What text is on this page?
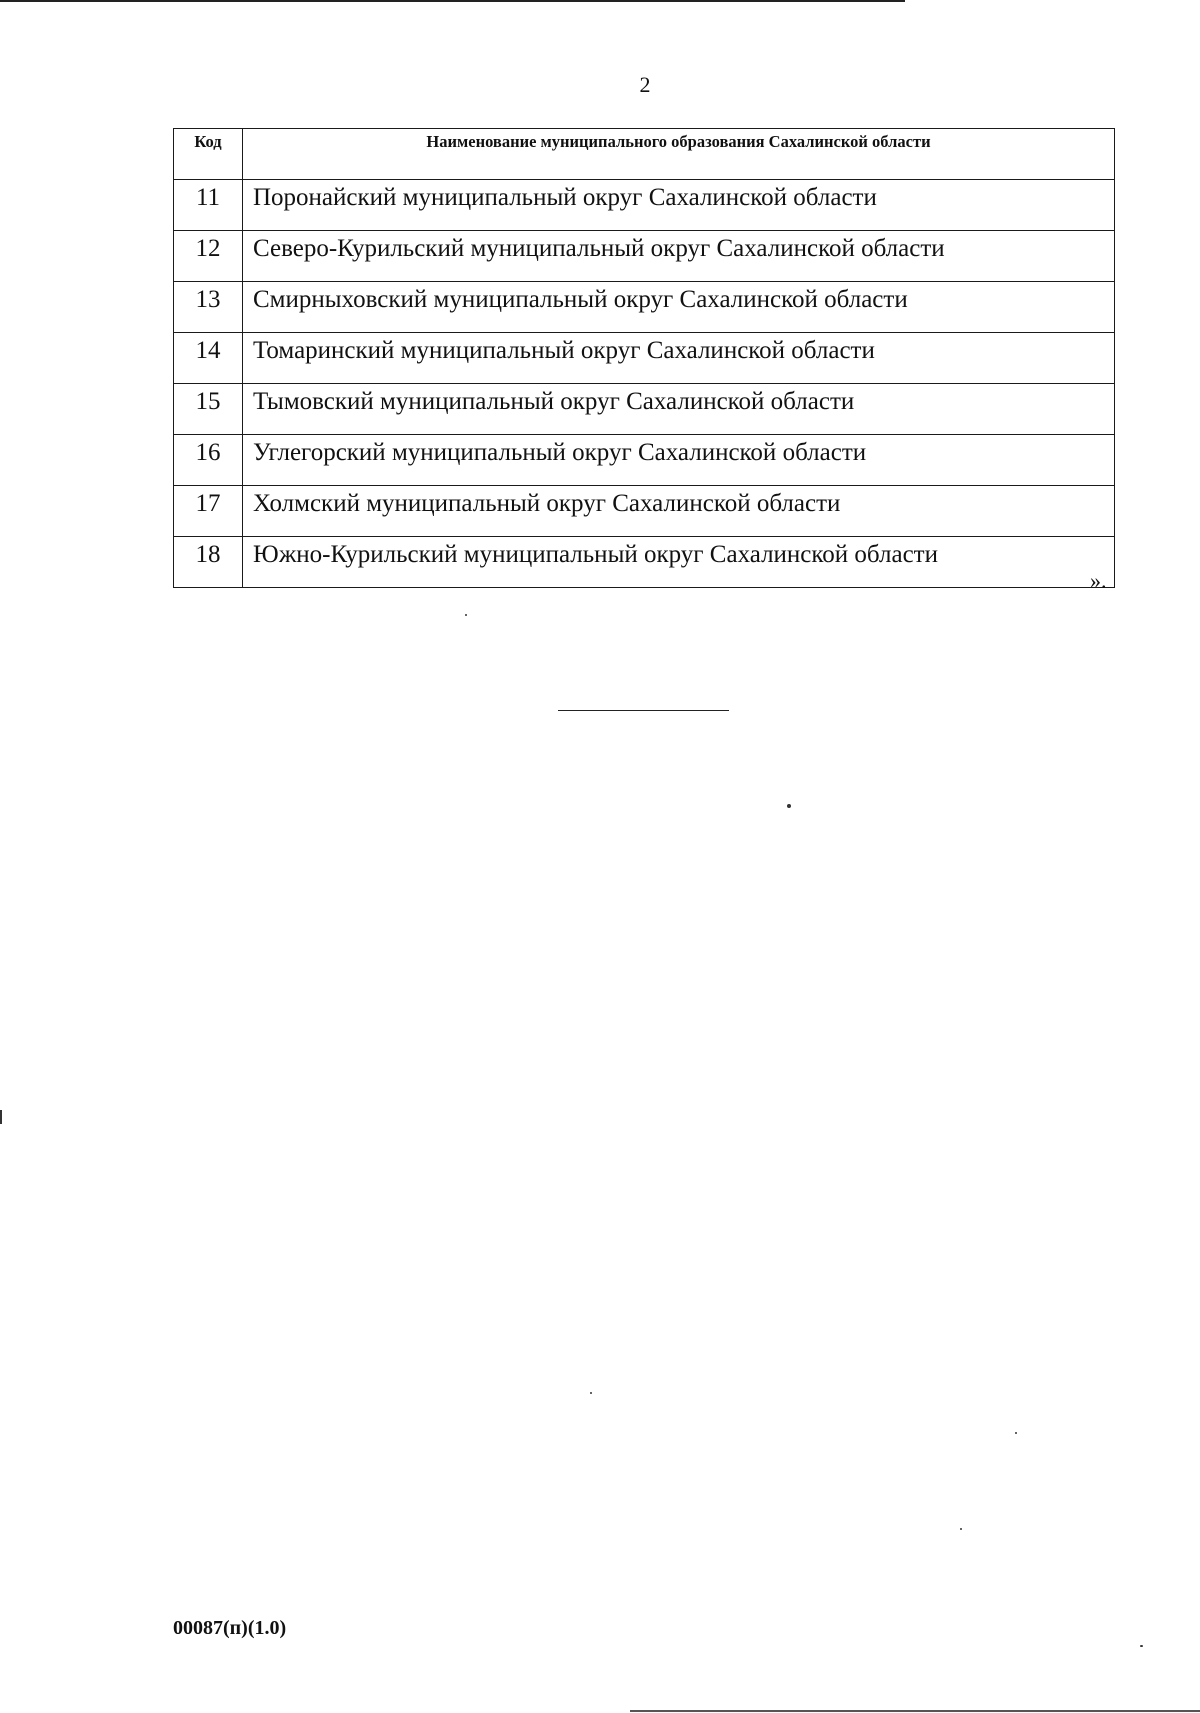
2
Код	Наименование муниципального образования Сахалинской области
11	Поронайский муниципальный округ Сахалинской области
12	Северо-Курильский муниципальный округ Сахалинской области
13	Смирныховский муниципальный округ Сахалинской области
14	Томаринский муниципальный округ Сахалинской области
15	Тымовский муниципальный округ Сахалинской области
16	Углегорский муниципальный округ Сахалинской области
17	Холмский муниципальный округ Сахалинской области
18	Южно-Курильский муниципальный округ Сахалинской области
».
00087(п)(1.0)
